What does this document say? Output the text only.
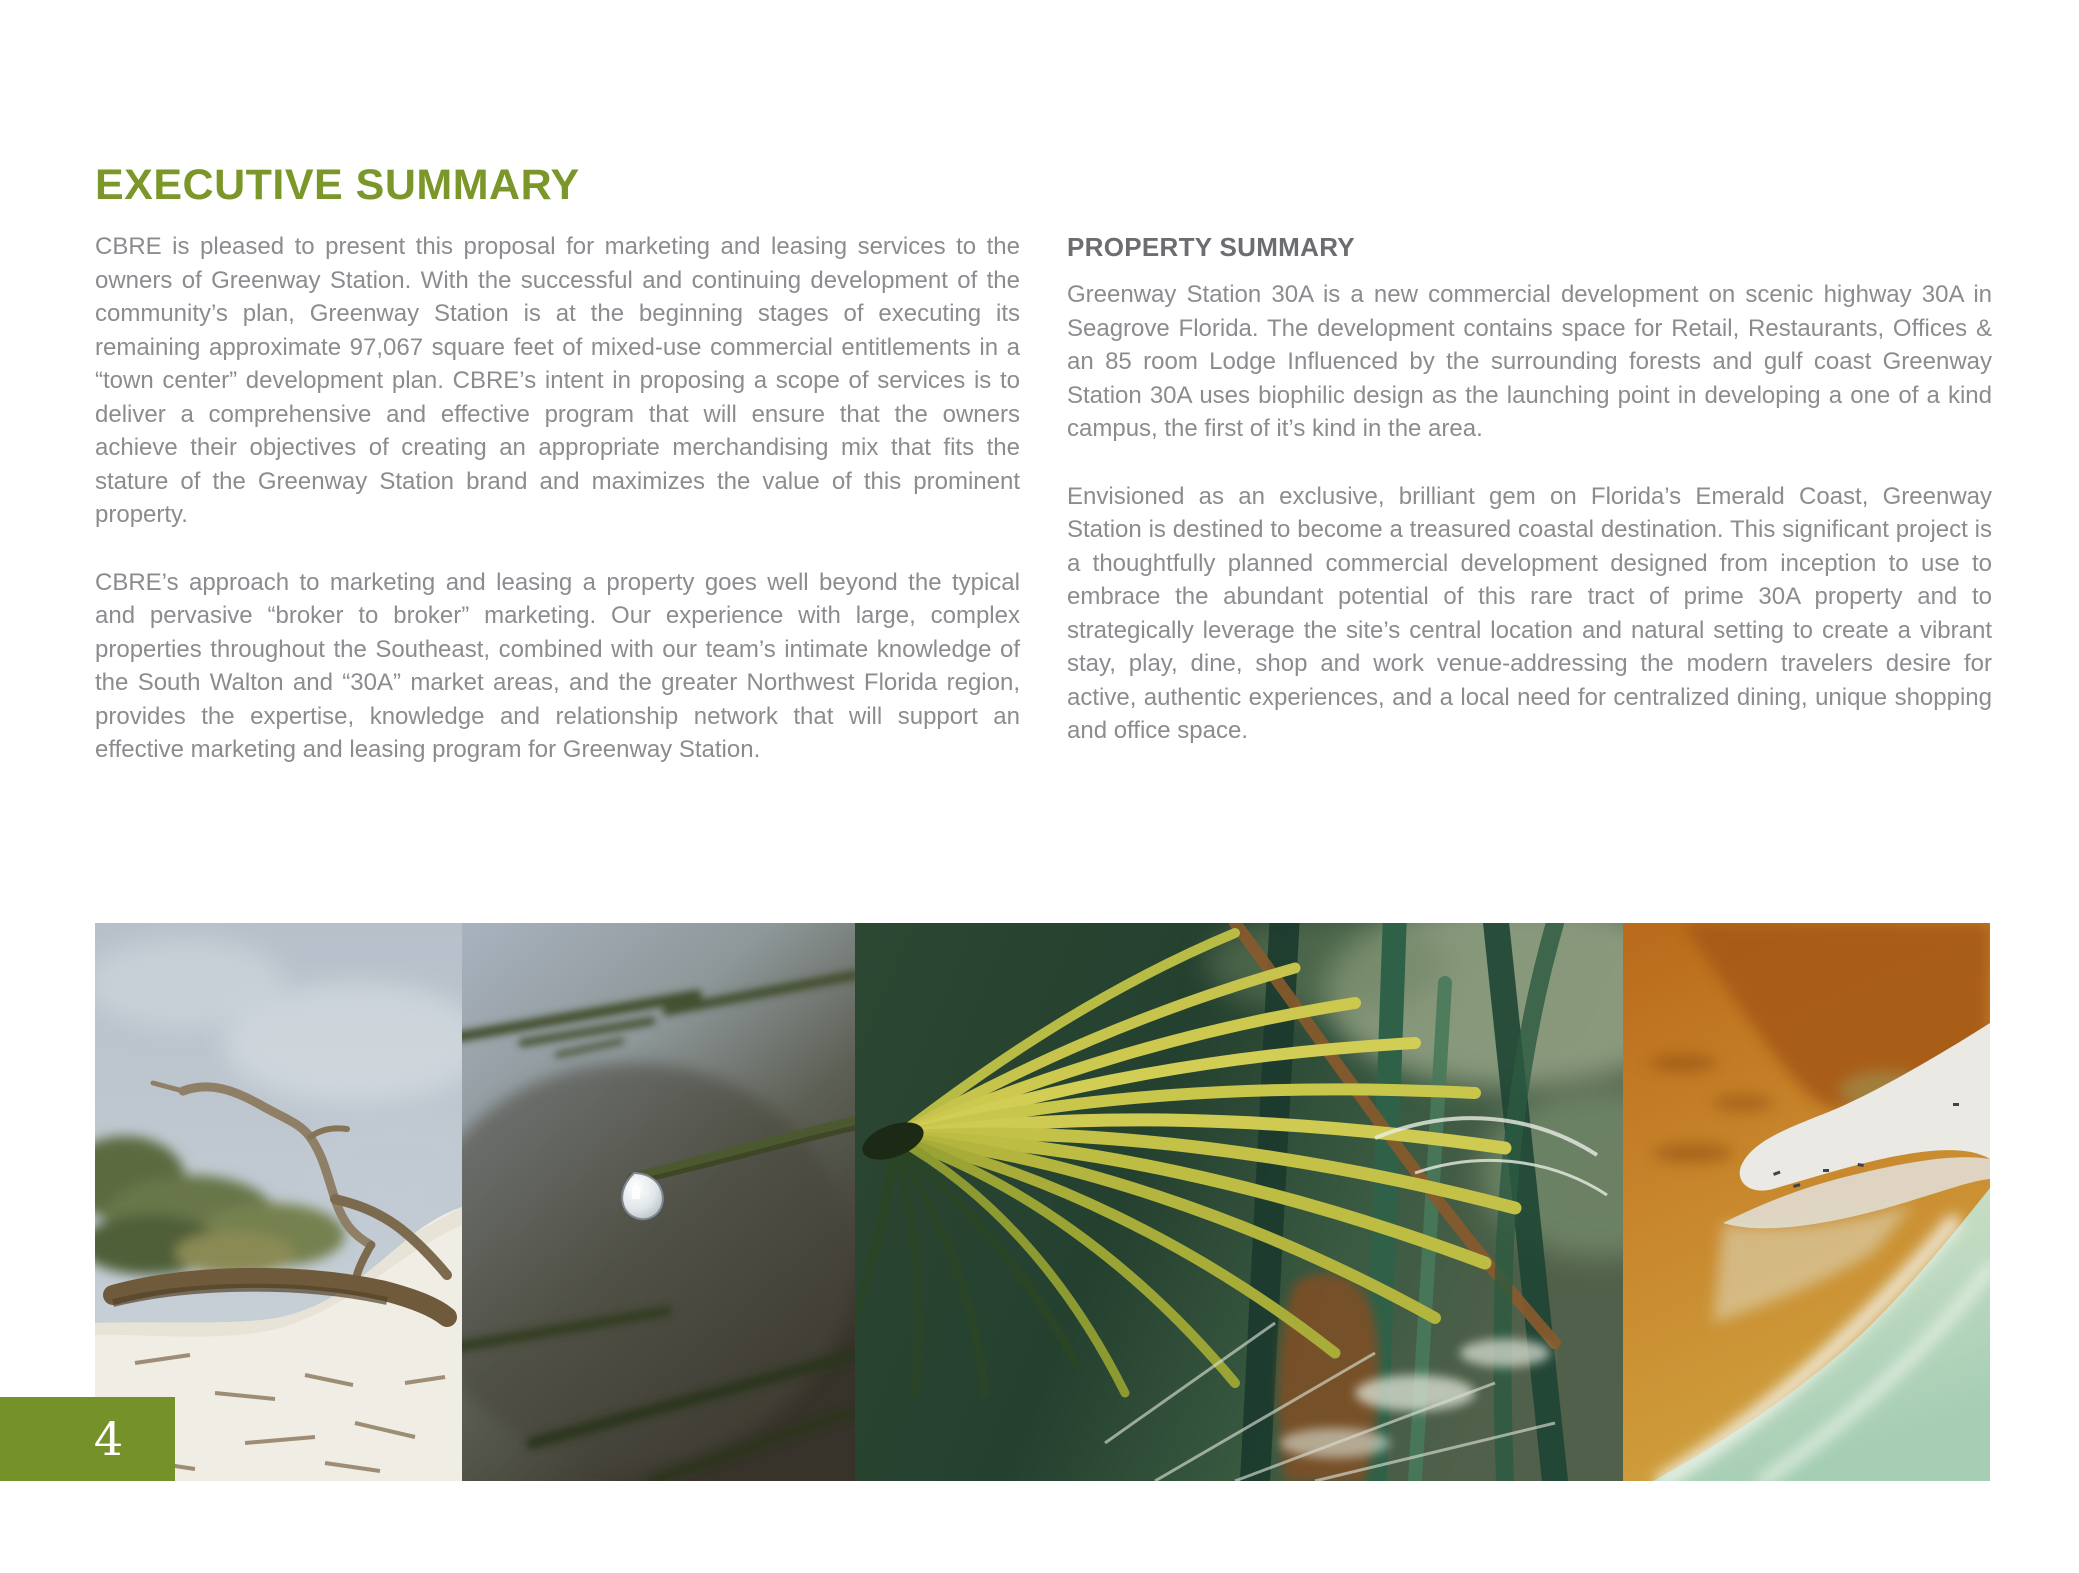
EXECUTIVE SUMMARY

CBRE is pleased to present this proposal for marketing and leasing services to the owners of Greenway Station. With the successful and continuing development of the community’s plan, Greenway Station is at the beginning stages of executing its remaining approximate 97,067 square feet of mixed-use commercial entitlements in a “town center” development plan. CBRE’s intent in proposing a scope of services is to deliver a comprehensive and effective program that will ensure that the owners achieve their objectives of creating an appropriate merchandising mix that fits the stature of the Greenway Station brand and maximizes the value of this prominent property.

CBRE’s approach to marketing and leasing a property goes well beyond the typical and pervasive “broker to broker” marketing. Our experience with large, complex properties throughout the Southeast, combined with our team’s intimate knowledge of the South Walton and “30A” market areas, and the greater Northwest Florida region, provides the expertise, knowledge and relationship network that will support an effective marketing and leasing program for Greenway Station.

PROPERTY SUMMARY

Greenway Station 30A is a new commercial development on scenic highway 30A in Seagrove Florida. The development contains space for Retail, Restaurants, Offices & an 85 room Lodge Influenced by the surrounding forests and gulf coast Greenway Station 30A uses biophilic design as the launching point in developing a one of a kind campus, the first of it’s kind in the area.

Envisioned as an exclusive, brilliant gem on Florida’s Emerald Coast, Greenway Station is destined to become a treasured coastal destination. This significant project is a thoughtfully planned commercial development designed from inception to use to embrace the abundant potential of this rare tract of prime 30A property and to strategically leverage the site’s central location and natural setting to create a vibrant stay, play, dine, shop and work venue-addressing the modern travelers desire for active, authentic experiences, and a local need for centralized dining, unique shopping and office space.

4
